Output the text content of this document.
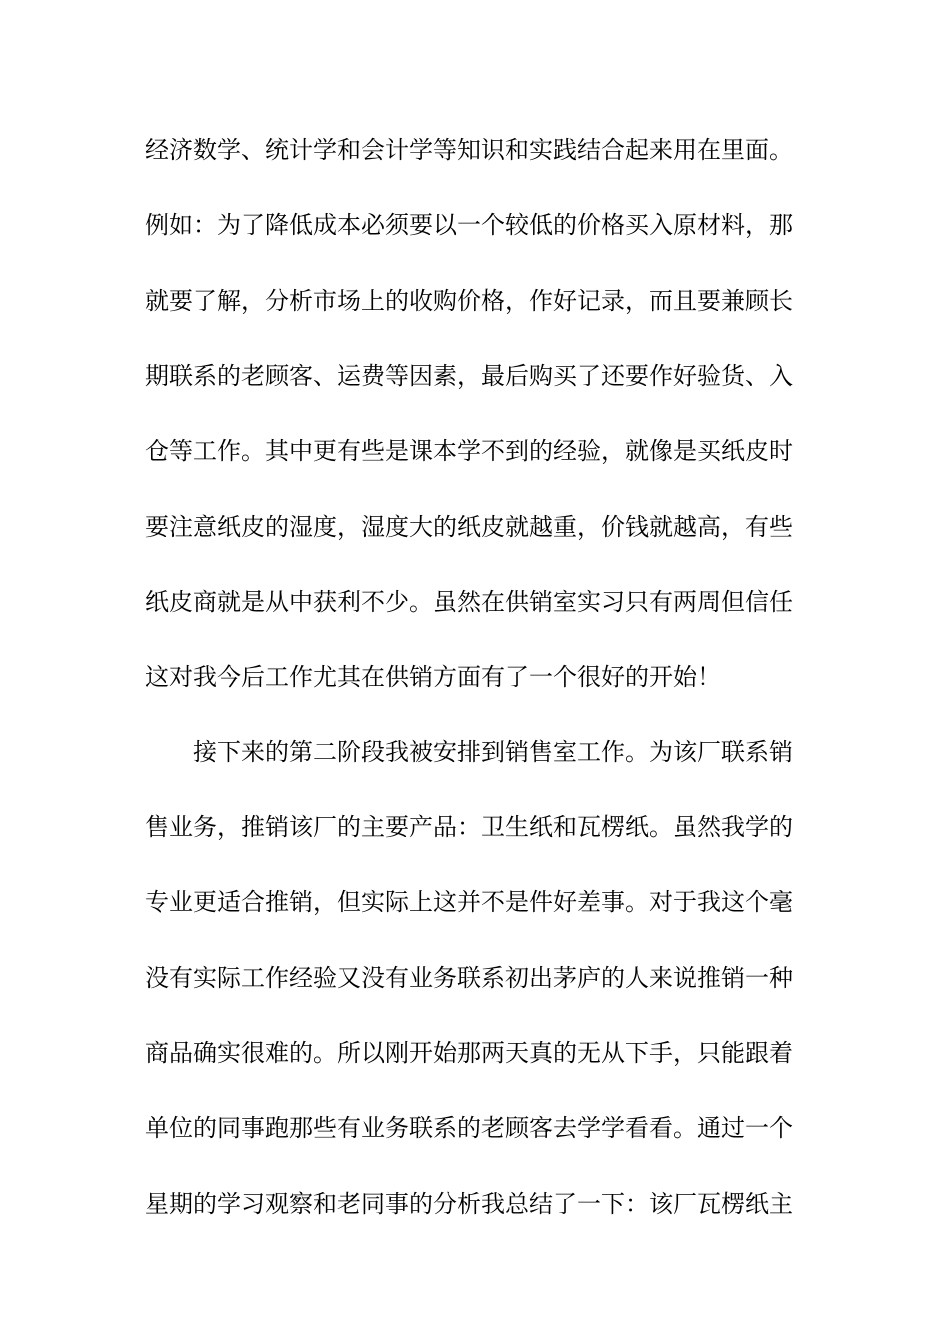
经济数学、统计学和会计学等知识和实践结合起来用在里面。
例如：为了降低成本必须要以一个较低的价格买入原材料，那
就要了解，分析市场上的收购价格，作好记录，而且要兼顾长
期联系的老顾客、运费等因素，最后购买了还要作好验货、入
仓等工作。其中更有些是课本学不到的经验，就像是买纸皮时
要注意纸皮的湿度，湿度大的纸皮就越重，价钱就越高，有些
纸皮商就是从中获利不少。虽然在供销室实习只有两周但信任
这对我今后工作尤其在供销方面有了一个很好的开始！
接下来的第二阶段我被安排到销售室工作。为该厂联系销
售业务，推销该厂的主要产品：卫生纸和瓦楞纸。虽然我学的
专业更适合推销，但实际上这并不是件好差事。对于我这个毫
没有实际工作经验又没有业务联系初出茅庐的人来说推销一种
商品确实很难的。所以刚开始那两天真的无从下手，只能跟着
单位的同事跑那些有业务联系的老顾客去学学看看。通过一个
星期的学习观察和老同事的分析我总结了一下：该厂瓦楞纸主
